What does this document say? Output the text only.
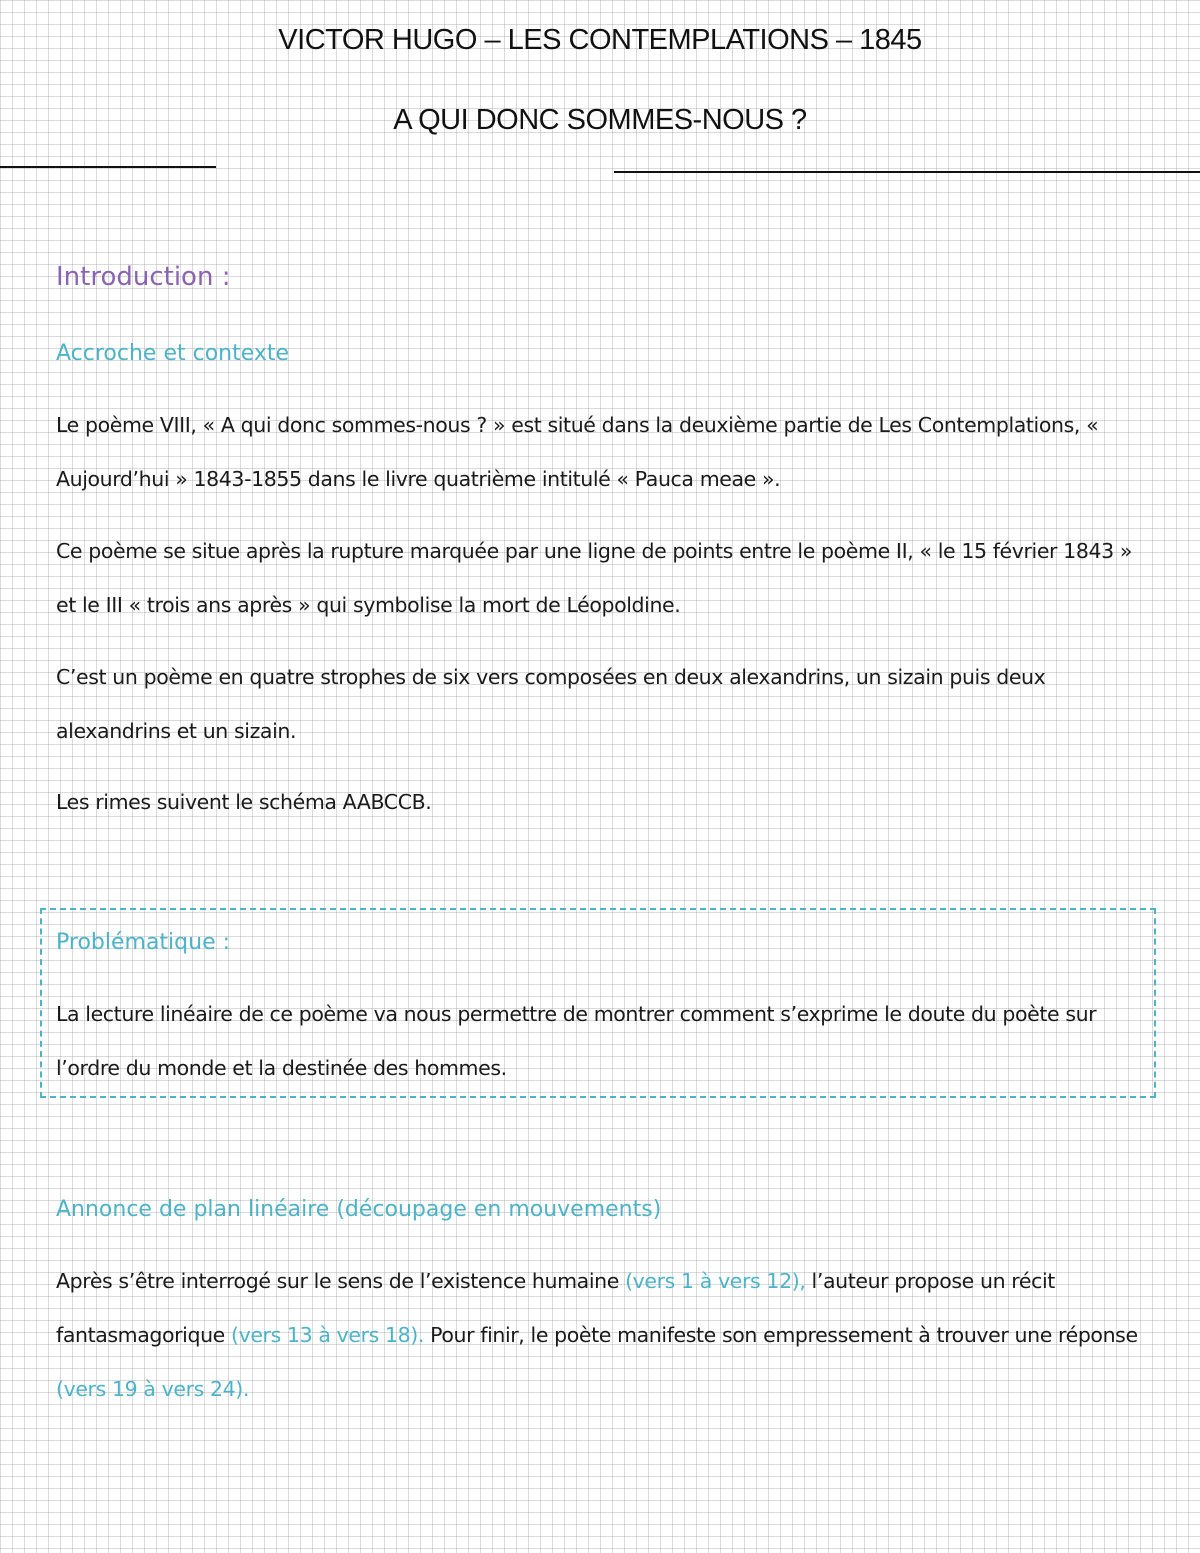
VICTOR HUGO – LES CONTEMPLATIONS – 1845
A QUI DONC SOMMES-NOUS ?
Introduction :
Accroche et contexte

Le poème VIII, « A qui donc sommes-nous ? » est situé dans la deuxième partie de Les Contemplations, « Aujourd’hui » 1843-1855 dans le livre quatrième intitulé « Pauca meae ».

Ce poème se situe après la rupture marquée par une ligne de points entre le poème II, « le 15 février 1843 » et le III « trois ans après » qui symbolise la mort de Léopoldine.

C’est un poème en quatre strophes de six vers composées en deux alexandrins, un sizain puis deux alexandrins et un sizain.

Les rimes suivent le schéma AABCCB.

Problématique :

La lecture linéaire de ce poème va nous permettre de montrer comment s’exprime le doute du poète sur l’ordre du monde et la destinée des hommes.

Annonce de plan linéaire (découpage en mouvements)

Après s’être interrogé sur le sens de l’existence humaine (vers 1 à vers 12), l’auteur propose un récit fantasmagorique (vers 13 à vers 18). Pour finir, le poète manifeste son empressement à trouver une réponse (vers 19 à vers 24).
